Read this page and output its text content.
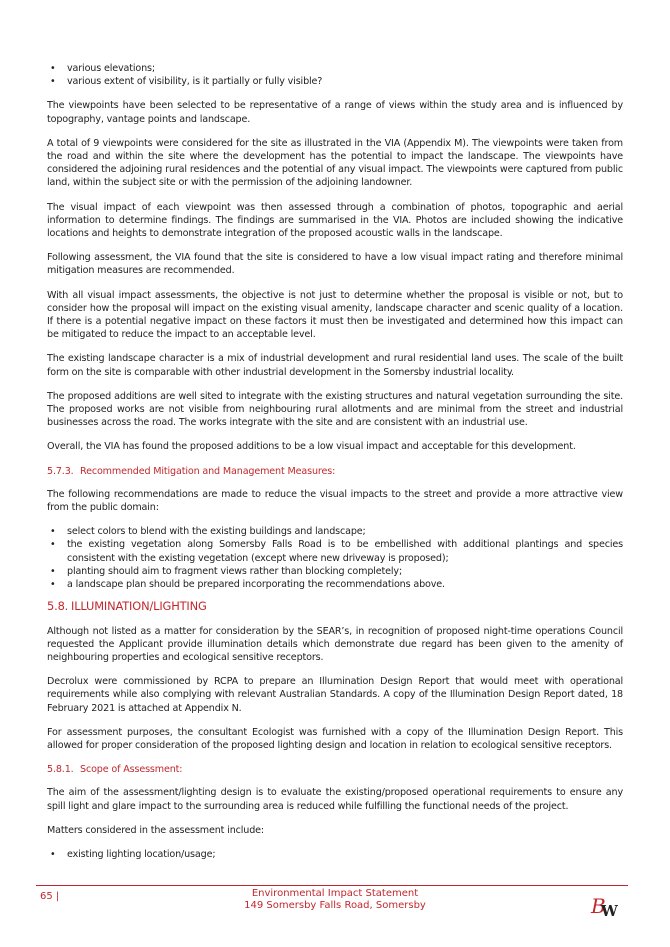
• various elevations;
• various extent of visibility, is it partially or fully visible?

The viewpoints have been selected to be representative of a range of views within the study area and is influenced by topography, vantage points and landscape.

A total of 9 viewpoints were considered for the site as illustrated in the VIA (Appendix M). The viewpoints were taken from the road and within the site where the development has the potential to impact the landscape. The viewpoints have considered the adjoining rural residences and the potential of any visual impact. The viewpoints were captured from public land, within the subject site or with the permission of the adjoining landowner.

The visual impact of each viewpoint was then assessed through a combination of photos, topographic and aerial information to determine findings. The findings are summarised in the VIA. Photos are included showing the indicative locations and heights to demonstrate integration of the proposed acoustic walls in the landscape.

Following assessment, the VIA found that the site is considered to have a low visual impact rating and therefore minimal mitigation measures are recommended.

With all visual impact assessments, the objective is not just to determine whether the proposal is visible or not, but to consider how the proposal will impact on the existing visual amenity, landscape character and scenic quality of a location. If there is a potential negative impact on these factors it must then be investigated and determined how this impact can be mitigated to reduce the impact to an acceptable level.

The existing landscape character is a mix of industrial development and rural residential land uses. The scale of the built form on the site is comparable with other industrial development in the Somersby industrial locality.

The proposed additions are well sited to integrate with the existing structures and natural vegetation surrounding the site. The proposed works are not visible from neighbouring rural allotments and are minimal from the street and industrial businesses across the road. The works integrate with the site and are consistent with an industrial use.

Overall, the VIA has found the proposed additions to be a low visual impact and acceptable for this development.

5.7.3. Recommended Mitigation and Management Measures:

The following recommendations are made to reduce the visual impacts to the street and provide a more attractive view from the public domain:

• select colors to blend with the existing buildings and landscape;
• the existing vegetation along Somersby Falls Road is to be embellished with additional plantings and species consistent with the existing vegetation (except where new driveway is proposed);
• planting should aim to fragment views rather than blocking completely;
• a landscape plan should be prepared incorporating the recommendations above.
5.8. ILLUMINATION/LIGHTING

Although not listed as a matter for consideration by the SEAR’s, in recognition of proposed night-time operations Council requested the Applicant provide illumination details which demonstrate due regard has been given to the amenity of neighbouring properties and ecological sensitive receptors.

Decrolux were commissioned by RCPA to prepare an Illumination Design Report that would meet with operational requirements while also complying with relevant Australian Standards. A copy of the Illumination Design Report dated, 18 February 2021 is attached at Appendix N.

For assessment purposes, the consultant Ecologist was furnished with a copy of the Illumination Design Report. This allowed for proper consideration of the proposed lighting design and location in relation to ecological sensitive receptors.

5.8.1. Scope of Assessment:

The aim of the assessment/lighting design is to evaluate the existing/proposed operational requirements to ensure any spill light and glare impact to the surrounding area is reduced while fulfilling the functional needs of the project.

Matters considered in the assessment include:

• existing lighting location/usage;
65 |	Environmental Impact Statement
149 Somersby Falls Road, Somersby	B
W
